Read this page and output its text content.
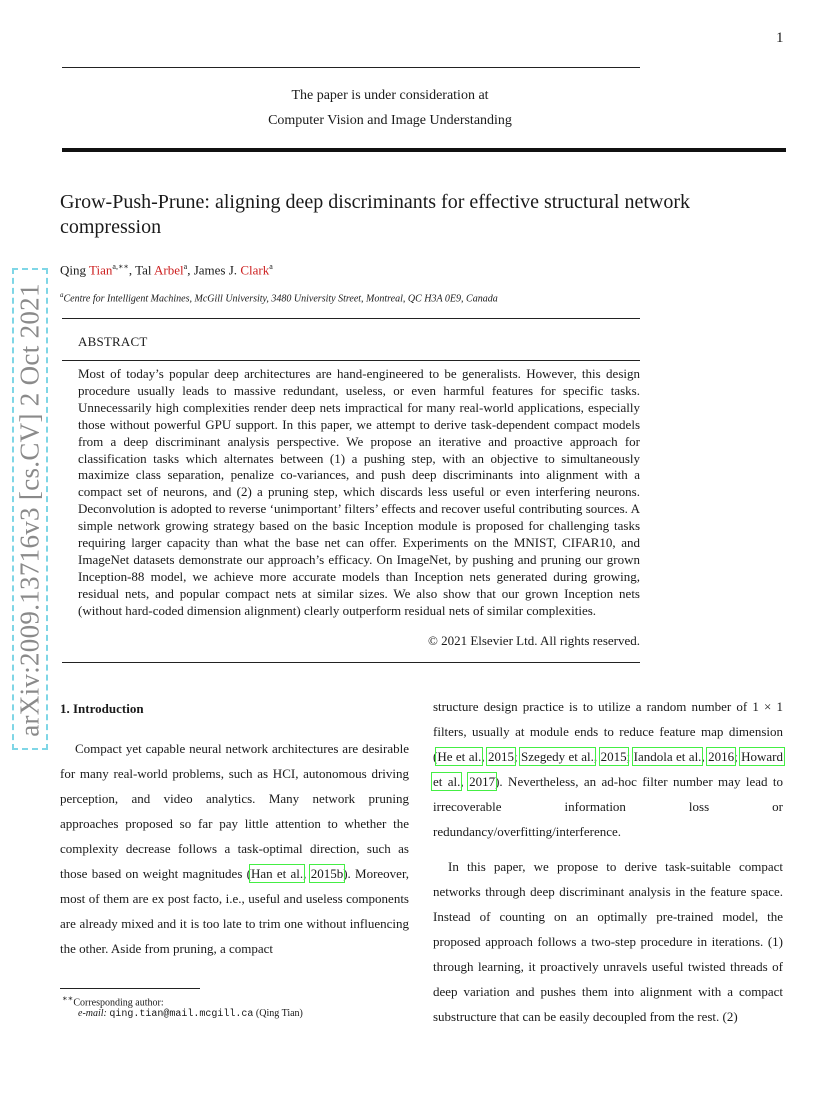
1
The paper is under consideration at
Computer Vision and Image Understanding
Grow-Push-Prune: aligning deep discriminants for effective structural network compression
Qing Tian$^{a,∗∗}$, Tal Arbel$^a$, James J. Clark$^a$
$^a$Centre for Intelligent Machines, McGill University, 3480 University Street, Montreal, QC H3A 0E9, Canada
ABSTRACT
Most of today’s popular deep architectures are hand-engineered to be generalists. However, this design procedure usually leads to massive redundant, useless, or even harmful features for specific tasks. Unnecessarily high complexities render deep nets impractical for many real-world applications, especially those without powerful GPU support. In this paper, we attempt to derive task-dependent compact models from a deep discriminant analysis perspective. We propose an iterative and proactive approach for classification tasks which alternates between (1) a pushing step, with an objective to simultaneously maximize class separation, penalize co-variances, and push deep discriminants into alignment with a compact set of neurons, and (2) a pruning step, which discards less useful or even interfering neurons. Deconvolution is adopted to reverse ‘unimportant’ filters’ effects and recover useful contributing sources. A simple network growing strategy based on the basic Inception module is proposed for challenging tasks requiring larger capacity than what the base net can offer. Experiments on the MNIST, CIFAR10, and ImageNet datasets demonstrate our approach’s efficacy. On ImageNet, by pushing and pruning our grown Inception-88 model, we achieve more accurate models than Inception nets generated during growing, residual nets, and popular compact nets at similar sizes. We also show that our grown Inception nets (without hard-coded dimension alignment) clearly outperform residual nets of similar complexities.
© 2021 Elsevier Ltd. All rights reserved.
arXiv:2009.13716v3 [cs.CV] 2 Oct 2021 1. Introduction

Compact yet capable neural network architectures are desirable for many real-world problems, such as HCI, autonomous driving perception, and video analytics. Many network pruning approaches proposed so far pay little attention to whether the complexity decrease follows a task-optimal direction, such as those based on weight magnitudes (Han et al., 2015b). Moreover, most of them are ex post facto, i.e., useful and useless components are already mixed and it is too late to trim one without influencing the other. Aside from pruning, a compact

structure design practice is to utilize a random number of 1 × 1 filters, usually at module ends to reduce feature map dimension (He et al., 2015; Szegedy et al., 2015; Iandola et al., 2016; Howard et al., 2017). Nevertheless, an ad-hoc filter number may lead to irrecoverable information loss or redundancy/overfitting/interference.

In this paper, we propose to derive task-suitable compact networks through deep discriminant analysis in the feature space. Instead of counting on an optimally pre-trained model, the proposed approach follows a two-step procedure in iterations. (1) through learning, it proactively unravels useful twisted threads of deep variation and pushes them into alignment with a compact substructure that can be easily decoupled from the rest. (2)

∗∗Corresponding author:
e-mail: qing.tian@mail.mcgill.ca (Qing Tian)
